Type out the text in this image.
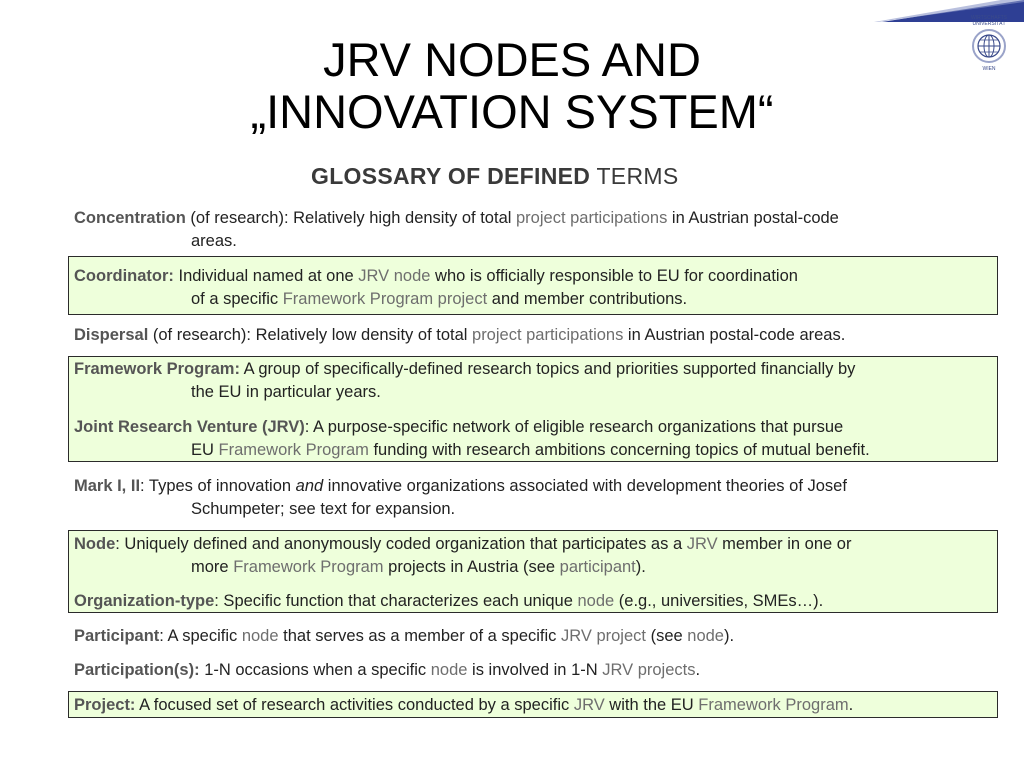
WIRTSCHAFTS
UNIVERSITÄT
WIEN
JRV NODES AND
„INNOVATION SYSTEM“
GLOSSARY OF DEFINED TERMS
Concentration (of research): Relatively high density of total project participations in Austrian postal-code
areas.
Coordinator: Individual named at one JRV node who is officially responsible to EU for coordination
of a specific Framework Program project and member contributions.
Dispersal (of research): Relatively low density of total project participations in Austrian postal-code areas.
Framework Program: A group of specifically-defined research topics and priorities supported financially by
the EU in particular years.
Joint Research Venture (JRV): A purpose-specific network of eligible research organizations that pursue
EU Framework Program funding with research ambitions concerning topics of mutual benefit.
Mark I, II: Types of innovation and innovative organizations associated with development theories of Josef
Schumpeter; see text for expansion.
Node: Uniquely defined and anonymously coded organization that participates as a JRV member in one or
more Framework Program projects in Austria (see participant).
Organization-type: Specific function that characterizes each unique node (e.g., universities, SMEs…).
Participant: A specific node that serves as a member of a specific JRV project (see node).
Participation(s): 1-N occasions when a specific node is involved in 1-N JRV projects.
Project: A focused set of research activities conducted by a specific JRV with the EU Framework Program.
